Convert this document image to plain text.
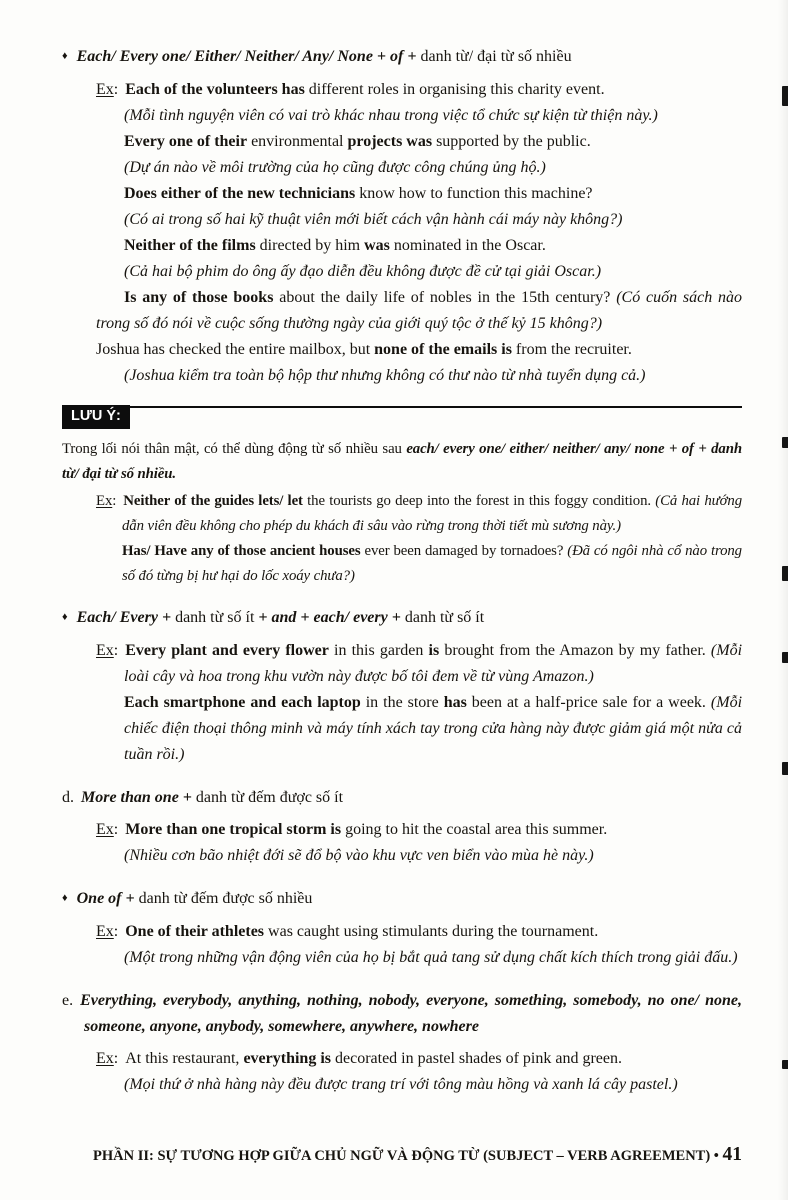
♦ Each/ Every one/ Either/ Neither/ Any/ None + of + danh từ/ đại từ số nhiều

Ex: Each of the volunteers has different roles in organising this charity event.

(Mỗi tình nguyện viên có vai trò khác nhau trong việc tổ chức sự kiện từ thiện này.)

Every one of their environmental projects was supported by the public.

(Dự án nào về môi trường của họ cũng được công chúng ủng hộ.)

Does either of the new technicians know how to function this machine?

(Có ai trong số hai kỹ thuật viên mới biết cách vận hành cái máy này không?)

Neither of the films directed by him was nominated in the Oscar.

(Cả hai bộ phim do ông ấy đạo diễn đều không được đề cử tại giải Oscar.)

Is any of those books about the daily life of nobles in the 15th century? (Có cuốn sách nào trong số đó nói về cuộc sống thường ngày của giới quý tộc ở thế kỷ 15 không?)

Joshua has checked the entire mailbox, but none of the emails is from the recruiter.

(Joshua kiểm tra toàn bộ hộp thư nhưng không có thư nào từ nhà tuyển dụng cả.)

LƯU Ý:

Trong lối nói thân mật, có thể dùng động từ số nhiều sau each/ every one/ either/ neither/ any/ none + of + danh từ/ đại từ số nhiều.

Ex: Neither of the guides lets/ let the tourists go deep into the forest in this foggy condition. (Cả hai hướng dẫn viên đều không cho phép du khách đi sâu vào rừng trong thời tiết mù sương này.)

Has/ Have any of those ancient houses ever been damaged by tornadoes? (Đã có ngôi nhà cổ nào trong số đó từng bị hư hại do lốc xoáy chưa?)

♦ Each/ Every + danh từ số ít + and + each/ every + danh từ số ít

Ex: Every plant and every flower in this garden is brought from the Amazon by my father. (Mỗi loài cây và hoa trong khu vườn này được bố tôi đem về từ vùng Amazon.)

Each smartphone and each laptop in the store has been at a half-price sale for a week. (Mỗi chiếc điện thoại thông minh và máy tính xách tay trong cửa hàng này được giảm giá một nửa cả tuần rồi.)

d. More than one + danh từ đếm được số ít

Ex: More than one tropical storm is going to hit the coastal area this summer.

(Nhiều cơn bão nhiệt đới sẽ đổ bộ vào khu vực ven biển vào mùa hè này.)

♦ One of + danh từ đếm được số nhiều

Ex: One of their athletes was caught using stimulants during the tournament.

(Một trong những vận động viên của họ bị bắt quả tang sử dụng chất kích thích trong giải đấu.)

e. Everything, everybody, anything, nothing, nobody, everyone, something, somebody, no one/ none, someone, anyone, anybody, somewhere, anywhere, nowhere

Ex: At this restaurant, everything is decorated in pastel shades of pink and green.

(Mọi thứ ở nhà hàng này đều được trang trí với tông màu hồng và xanh lá cây pastel.)

PHẦN II: SỰ TƯƠNG HỢP GIỮA CHỦ NGỮ VÀ ĐỘNG TỪ (SUBJECT – VERB AGREEMENT) • 41
